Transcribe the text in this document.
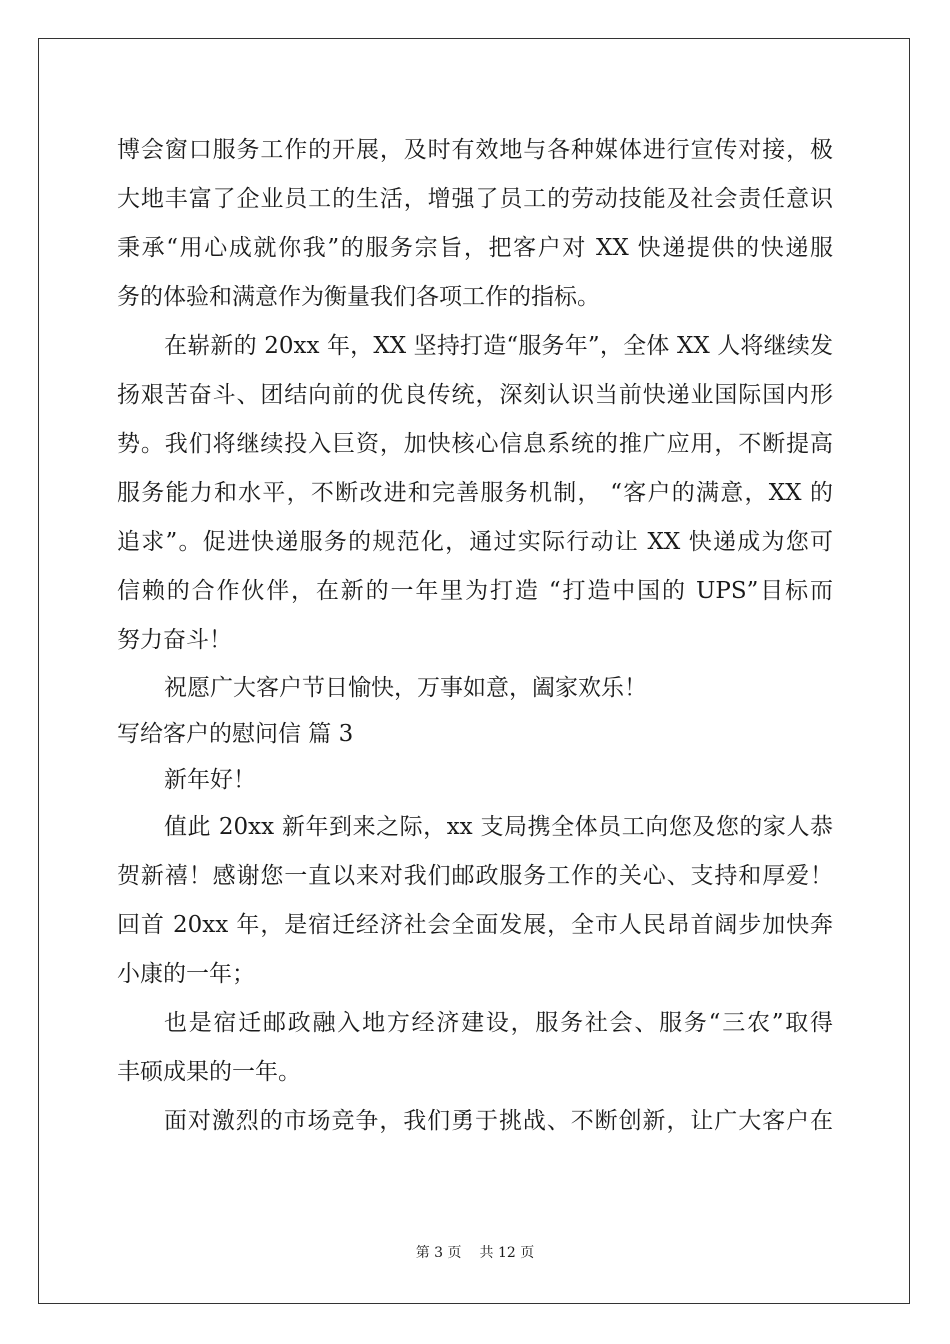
博会窗口服务工作的开展，及时有效地与各种媒体进行宣传对接，极
大地丰富了企业员工的生活，增强了员工的劳动技能及社会责任意识
秉承“用心成就你我”的服务宗旨，把客户对 XX 快递提供的快递服
务的体验和满意作为衡量我们各项工作的指标。
在崭新的 20xx 年，XX 坚持打造“服务年”，全体 XX 人将继续发
扬艰苦奋斗、团结向前的优良传统，深刻认识当前快递业国际国内形
势。我们将继续投入巨资，加快核心信息系统的推广应用，不断提高
服务能力和水平，不断改进和完善服务机制， “客户的满意，XX 的
追求”。促进快递服务的规范化，通过实际行动让 XX 快递成为您可
信赖的合作伙伴，在新的一年里为打造 “打造中国的 UPS”目标而
努力奋斗！
祝愿广大客户节日愉快，万事如意，阖家欢乐！
写给客户的慰问信 篇 3
新年好！
值此 20xx 新年到来之际，xx 支局携全体员工向您及您的家人恭
贺新禧！感谢您一直以来对我们邮政服务工作的关心、支持和厚爱！
回首 20xx 年，是宿迁经济社会全面发展，全市人民昂首阔步加快奔
小康的一年；
也是宿迁邮政融入地方经济建设，服务社会、服务“三农”取得
丰硕成果的一年。
面对激烈的市场竞争，我们勇于挑战、不断创新，让广大客户在
第 3 页 共 12 页
